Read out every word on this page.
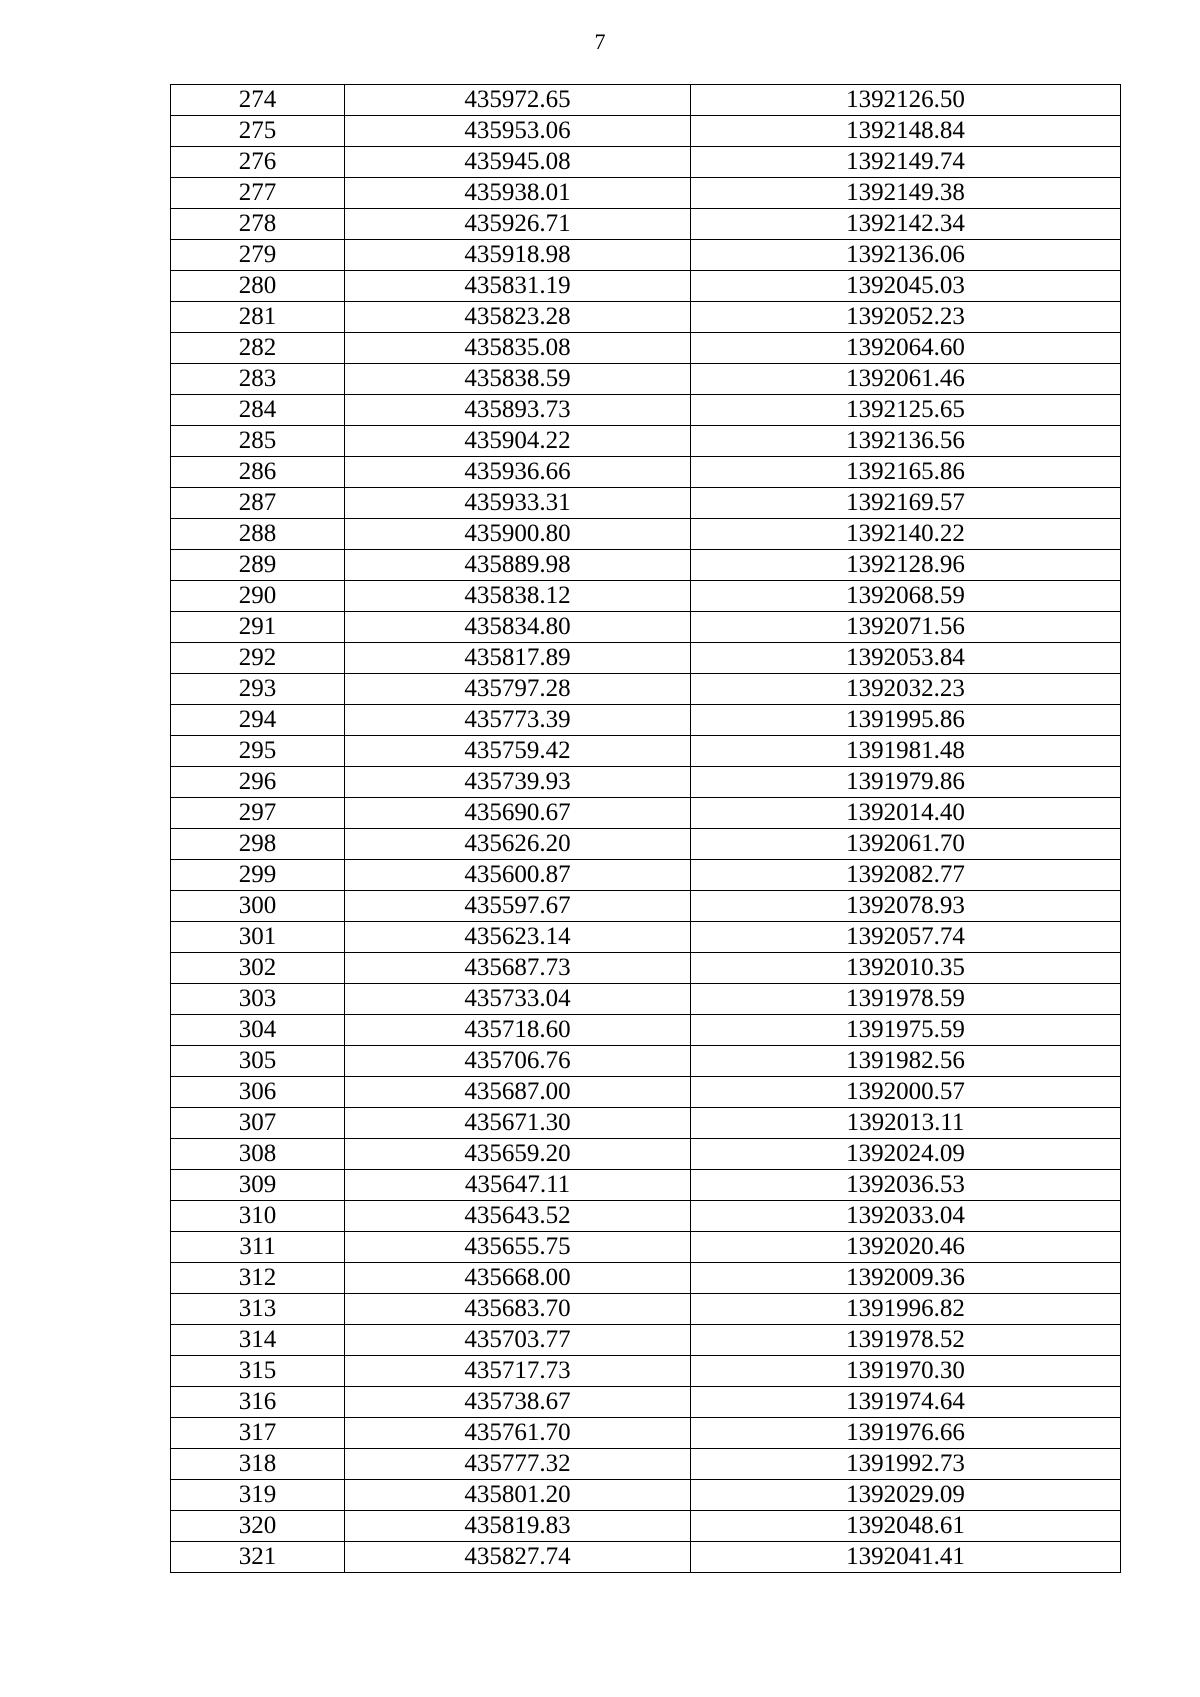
7
274	435972.65	1392126.50
275	435953.06	1392148.84
276	435945.08	1392149.74
277	435938.01	1392149.38
278	435926.71	1392142.34
279	435918.98	1392136.06
280	435831.19	1392045.03
281	435823.28	1392052.23
282	435835.08	1392064.60
283	435838.59	1392061.46
284	435893.73	1392125.65
285	435904.22	1392136.56
286	435936.66	1392165.86
287	435933.31	1392169.57
288	435900.80	1392140.22
289	435889.98	1392128.96
290	435838.12	1392068.59
291	435834.80	1392071.56
292	435817.89	1392053.84
293	435797.28	1392032.23
294	435773.39	1391995.86
295	435759.42	1391981.48
296	435739.93	1391979.86
297	435690.67	1392014.40
298	435626.20	1392061.70
299	435600.87	1392082.77
300	435597.67	1392078.93
301	435623.14	1392057.74
302	435687.73	1392010.35
303	435733.04	1391978.59
304	435718.60	1391975.59
305	435706.76	1391982.56
306	435687.00	1392000.57
307	435671.30	1392013.11
308	435659.20	1392024.09
309	435647.11	1392036.53
310	435643.52	1392033.04
311	435655.75	1392020.46
312	435668.00	1392009.36
313	435683.70	1391996.82
314	435703.77	1391978.52
315	435717.73	1391970.30
316	435738.67	1391974.64
317	435761.70	1391976.66
318	435777.32	1391992.73
319	435801.20	1392029.09
320	435819.83	1392048.61
321	435827.74	1392041.41
